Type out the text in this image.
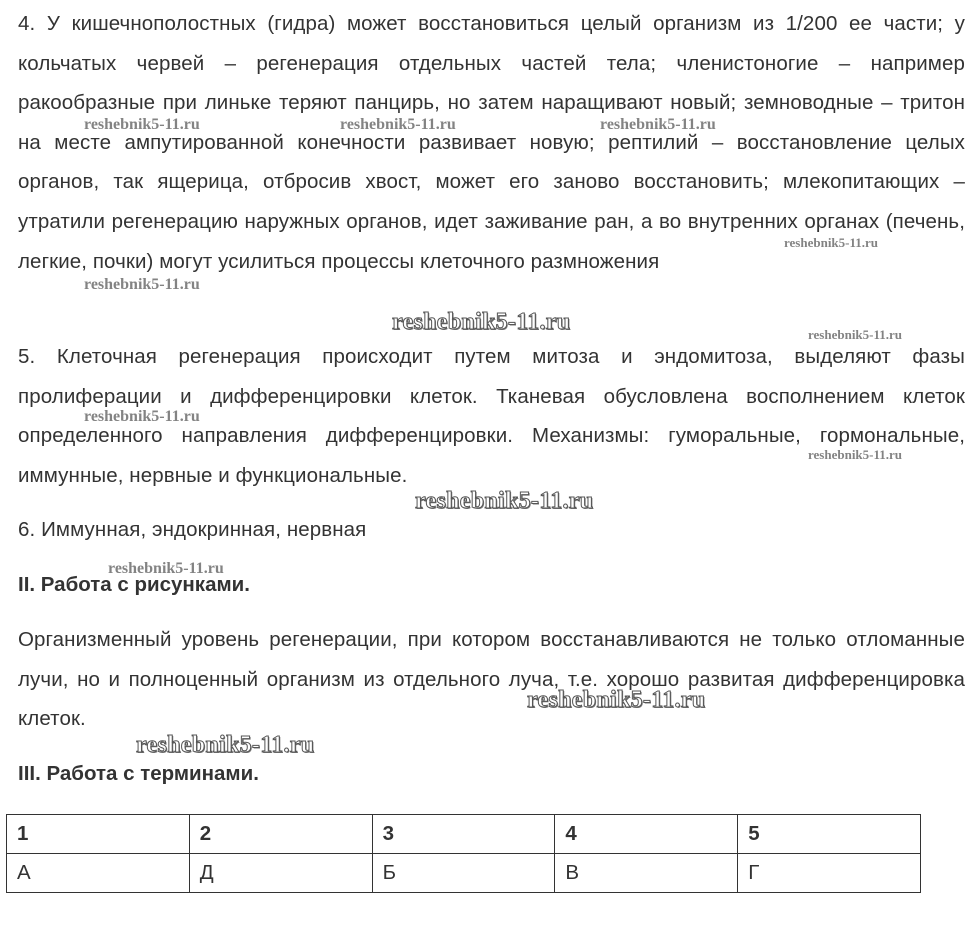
4. У кишечнополостных (гидра) может восстановиться целый организм из 1/200 ее части; у кольчатых червей – регенерация отдельных частей тела; членистоногие – например ракообразные при линьке теряют панцирь, но затем наращивают новый; земноводные – тритон на месте ампутированной конечности развивает новую; рептилий – восстановление целых органов, так ящерица, отбросив хвост, может его заново восстановить; млекопитающих – утратили регенерацию наружных органов, идет заживание ран, а во внутренних органах (печень, легкие, почки) могут усилиться процессы клеточного размножения

5. Клеточная регенерация происходит путем митоза и эндомитоза, выделяют фазы пролиферации и дифференцировки клеток. Тканевая обусловлена восполнением клеток определенного направления дифференцировки. Механизмы: гуморальные, гормональные, иммунные, нервные и функциональные.

6. Иммунная, эндокринная, нервная

II. Работа с рисунками.

Организменный уровень регенерации, при котором восстанавливаются не только отломанные лучи, но и полноценный организм из отдельного луча, т.е. хорошо развитая дифференцировка клеток.

III. Работа с терминами.
1	2	3	4	5
А	Д	Б	В	Г
reshebnik5-11.ru	reshebnik5-11.ru	reshebnik5-11.ru
reshebnik5-11.ru
reshebnik5-11.ru
reshebnik5-11.ru	reshebnik5-11.ru
reshebnik5-11.ru
reshebnik5-11.ru
reshebnik5-11.ru
reshebnik5-11.ru
reshebnik5-11.ru
reshebnik5-11.ru
